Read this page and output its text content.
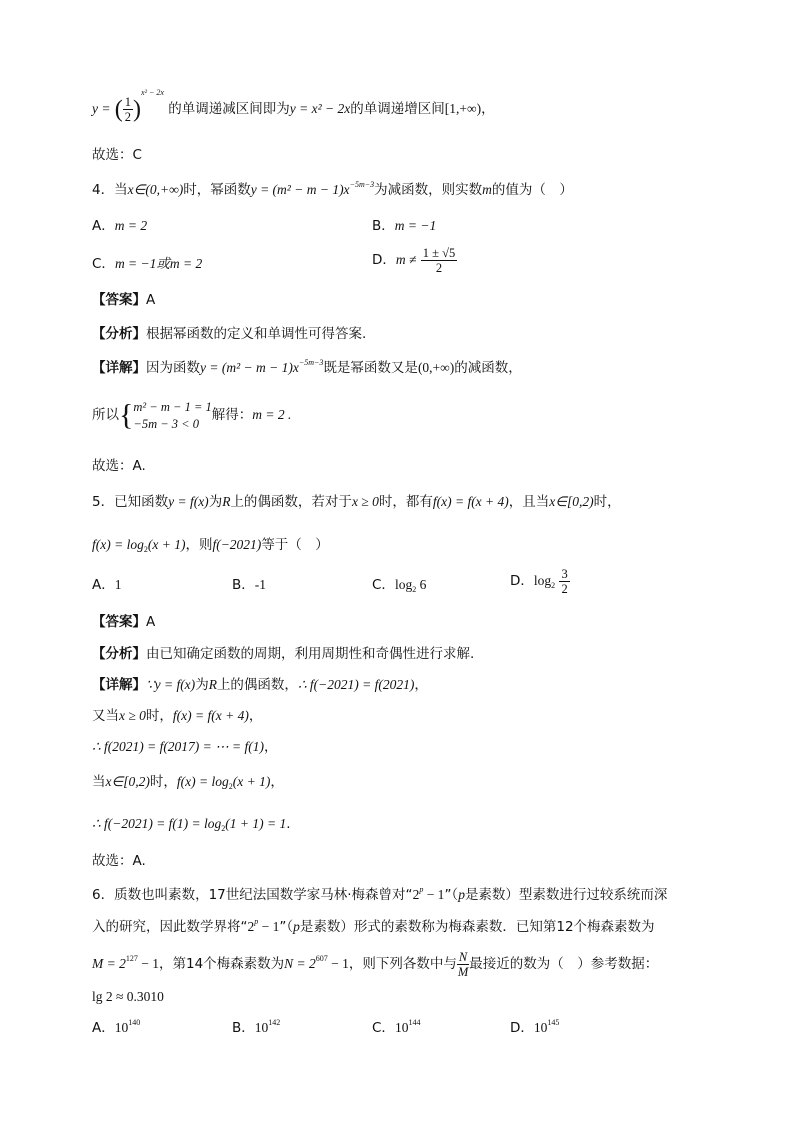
y = ( $\frac{1}{2} )^{x^2 - 2x}$ 的单调递减区间即为y = x² − 2x的单调递增区间[1,+∞)，
故选：C
4．当x∈(0,+∞)时，幂函数$y = (m^2 - m - 1)x^{-5m-3}$为减函数，则实数m的值为（　）
A．m = 2	B．m = −1
C．m = −1或m = 2	D．$m \ne \frac{1 \pm √5}{2}$
【答案】A
【分析】根据幂函数的定义和单调性可得答案.
【详解】因为函数$y = (m^2 - m - 1)x^{-5m-3}$既是幂函数又是(0,+∞)的减函数，
所以{ m² − m − 1 = 1
−5m − 3 < 0
解得：m = 2 .
故选：A.
5．已知函数y = f(x)为R上的偶函数，若对于x ≥ 0时，都有f(x) = f(x + 4)，且当x∈[0,2)时，
$f(x) = \log_2(x + 1)$，则f(−2021)等于（　）
A．1	B．-1	C．$\log_2 6$	D．$\log_2 \frac{3}{2}$
【答案】A
【分析】由已知确定函数的周期，利用周期性和奇偶性进行求解.
【详解】∵y = f(x)为R上的偶函数，∴ f(−2021) = f(2021)，
又当x ≥ 0时，f(x) = f(x + 4)，
∴ f(2021) = f(2017) = ⋯ = f(1)，
当x∈[0,2)时，$f(x) = \log_2(x + 1)$，
∴ $f(-2021) = f(1) = \log_2(1 + 1) = 1$.
故选：A.
6．质数也叫素数，17世纪法国数学家马林·梅森曾对“$2^p$ − 1”（p是素数）型素数进行过较系统而深
入的研究，因此数学界将“$2^p$ − 1”（p是素数）形式的素数称为梅森素数．已知第12个梅森素数为
$M = 2^{127} - 1$，第14个梅森素数为$N = 2^{607} - 1$，则下列各数中与 $\frac{N}{M}$ 最接近的数为（　）参考数据：
lg 2 ≈ 0.3010
A．$10^{140}$	B．$10^{142}$	C．$10^{144}$	D．$10^{145}$
